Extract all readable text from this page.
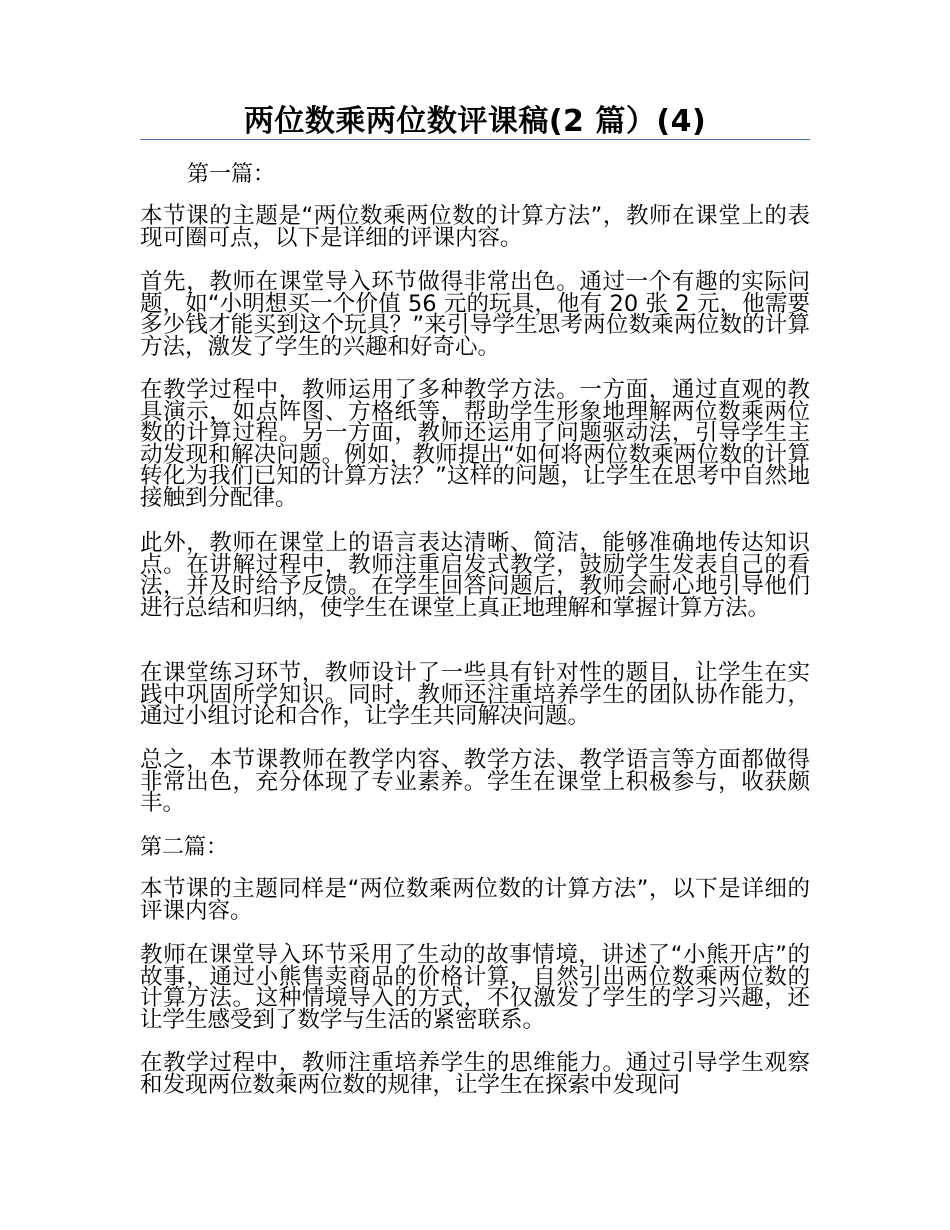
两位数乘两位数评课稿(2 篇）(4)
第一篇：
本节课的主题是“两位数乘两位数的计算方法”，教师在课堂上的表现可圈可点，以下是详细的评课内容。
首先，教师在课堂导入环节做得非常出色。通过一个有趣的实际问题，如“小明想买一个价值 56 元的玩具，他有 20 张 2 元，他需要多少钱才能买到这个玩具？”来引导学生思考两位数乘两位数的计算方法，激发了学生的兴趣和好奇心。
在教学过程中，教师运用了多种教学方法。一方面，通过直观的教具演示，如点阵图、方格纸等，帮助学生形象地理解两位数乘两位数的计算过程。另一方面，教师还运用了问题驱动法，引导学生主动发现和解决问题。例如，教师提出“如何将两位数乘两位数的计算转化为我们已知的计算方法？”这样的问题，让学生在思考中自然地接触到分配律。
此外，教师在课堂上的语言表达清晰、简洁，能够准确地传达知识点。在讲解过程中，教师注重启发式教学，鼓励学生发表自己的看法，并及时给予反馈。在学生回答问题后，教师会耐心地引导他们进行总结和归纳，使学生在课堂上真正地理解和掌握计算方法。
在课堂练习环节，教师设计了一些具有针对性的题目，让学生在实践中巩固所学知识。同时，教师还注重培养学生的团队协作能力，通过小组讨论和合作，让学生共同解决问题。
总之，本节课教师在教学内容、教学方法、教学语言等方面都做得非常出色，充分体现了专业素养。学生在课堂上积极参与，收获颇丰。
第二篇：
本节课的主题同样是“两位数乘两位数的计算方法”，以下是详细的评课内容。
教师在课堂导入环节采用了生动的故事情境，讲述了“小熊开店”的故事，通过小熊售卖商品的价格计算，自然引出两位数乘两位数的计算方法。这种情境导入的方式，不仅激发了学生的学习兴趣，还让学生感受到了数学与生活的紧密联系。
在教学过程中，教师注重培养学生的思维能力。通过引导学生观察和发现两位数乘两位数的规律，让学生在探索中发现问
